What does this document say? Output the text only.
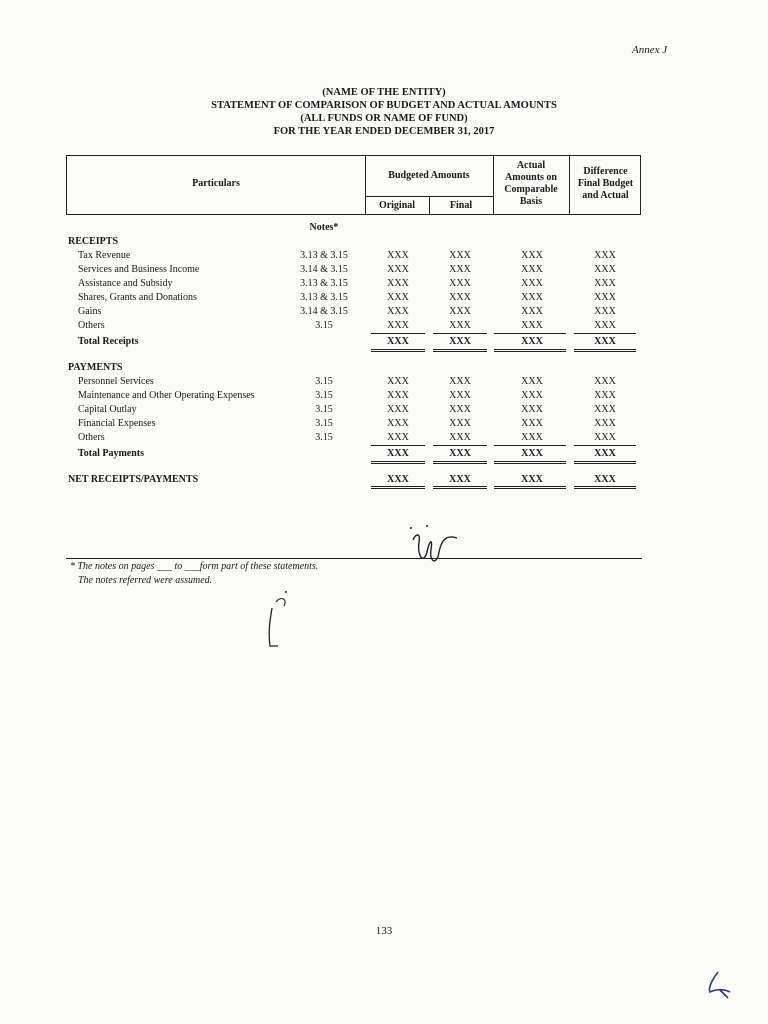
Annex J
(NAME OF THE ENTITY)
STATEMENT OF COMPARISON OF BUDGET AND ACTUAL AMOUNTS
(ALL FUNDS OR NAME OF FUND)
FOR THE YEAR ENDED DECEMBER 31, 2017
Particulars
Budgeted Amounts
Original	Final
Actual
Amounts on
Comparable
Basis
Difference
Final Budget
and Actual
Notes*
RECEIPTS
Tax Revenue	3.13 & 3.15	XXX	XXX	XXX	XXX
Services and Business Income	3.14 & 3.15	XXX	XXX	XXX	XXX
Assistance and Subsidy	3.13 & 3.15	XXX	XXX	XXX	XXX
Shares, Grants and Donations	3.13 & 3.15	XXX	XXX	XXX	XXX
Gains	3.14 & 3.15	XXX	XXX	XXX	XXX
Others	3.15	XXX	XXX	XXX	XXX
Total Receipts	XXX	XXX	XXX	XXX
PAYMENTS
Personnel Services	3.15	XXX	XXX	XXX	XXX
Maintenance and Other Operating Expenses	3.15	XXX	XXX	XXX	XXX
Capital Outlay	3.15	XXX	XXX	XXX	XXX
Financial Expenses	3.15	XXX	XXX	XXX	XXX
Others	3.15	XXX	XXX	XXX	XXX
Total Payments	XXX	XXX	XXX	XXX
NET RECEIPTS/PAYMENTS	XXX	XXX	XXX	XXX
* The notes on pages ___ to ___form part of these statements.
The notes referred were assumed.
133
